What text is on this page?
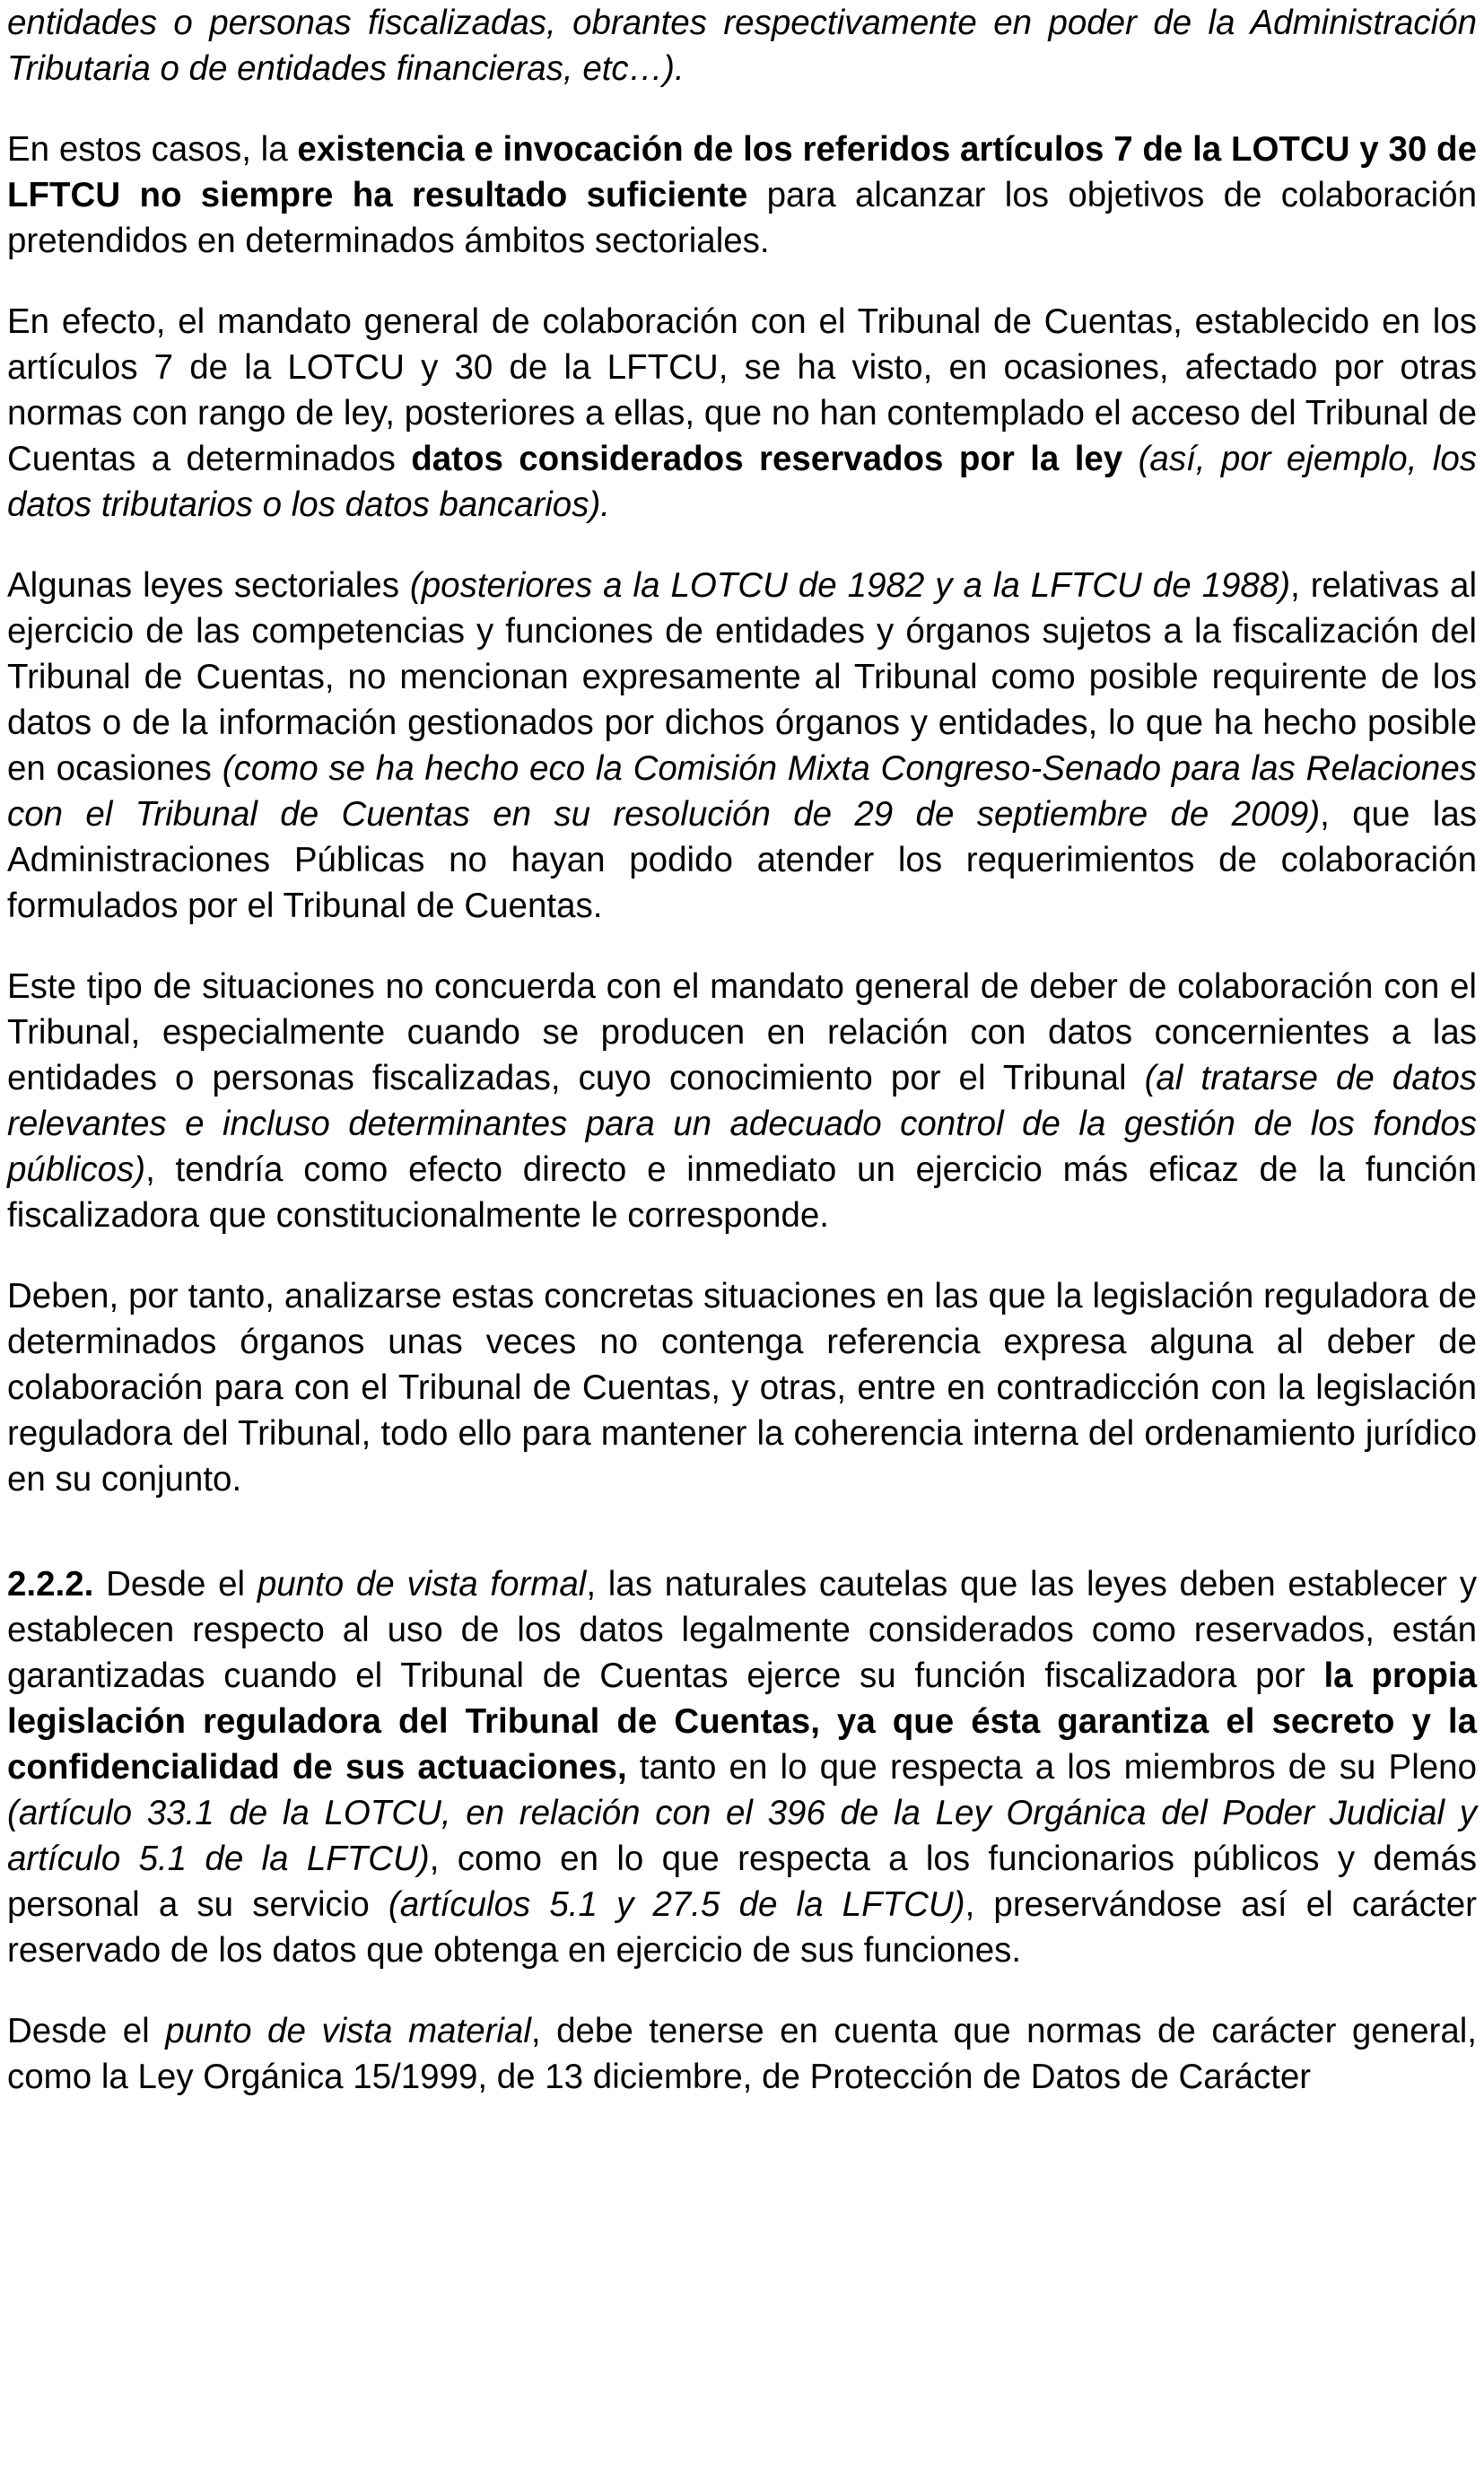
entidades o personas fiscalizadas, obrantes respectivamente en poder de la Administración Tributaria o de entidades financieras, etc…).

En estos casos, la existencia e invocación de los referidos artículos 7 de la LOTCU y 30 de LFTCU no siempre ha resultado suficiente para alcanzar los objetivos de colaboración pretendidos en determinados ámbitos sectoriales.

En efecto, el mandato general de colaboración con el Tribunal de Cuentas, establecido en los artículos 7 de la LOTCU y 30 de la LFTCU, se ha visto, en ocasiones, afectado por otras normas con rango de ley, posteriores a ellas, que no han contemplado el acceso del Tribunal de Cuentas a determinados datos considerados reservados por la ley (así, por ejemplo, los datos tributarios o los datos bancarios).

Algunas leyes sectoriales (posteriores a la LOTCU de 1982 y a la LFTCU de 1988), relativas al ejercicio de las competencias y funciones de entidades y órganos sujetos a la fiscalización del Tribunal de Cuentas, no mencionan expresamente al Tribunal como posible requirente de los datos o de la información gestionados por dichos órganos y entidades, lo que ha hecho posible en ocasiones (como se ha hecho eco la Comisión Mixta Congreso-Senado para las Relaciones con el Tribunal de Cuentas en su resolución de 29 de septiembre de 2009), que las Administraciones Públicas no hayan podido atender los requerimientos de colaboración formulados por el Tribunal de Cuentas.

Este tipo de situaciones no concuerda con el mandato general de deber de colaboración con el Tribunal, especialmente cuando se producen en relación con datos concernientes a las entidades o personas fiscalizadas, cuyo conocimiento por el Tribunal (al tratarse de datos relevantes e incluso determinantes para un adecuado control de la gestión de los fondos públicos), tendría como efecto directo e inmediato un ejercicio más eficaz de la función fiscalizadora que constitucionalmente le corresponde.

Deben, por tanto, analizarse estas concretas situaciones en las que la legislación reguladora de determinados órganos unas veces no contenga referencia expresa alguna al deber de colaboración para con el Tribunal de Cuentas, y otras, entre en contradicción con la legislación reguladora del Tribunal, todo ello para mantener la coherencia interna del ordenamiento jurídico en su conjunto.

2.2.2. Desde el punto de vista formal, las naturales cautelas que las leyes deben establecer y establecen respecto al uso de los datos legalmente considerados como reservados, están garantizadas cuando el Tribunal de Cuentas ejerce su función fiscalizadora por la propia legislación reguladora del Tribunal de Cuentas, ya que ésta garantiza el secreto y la confidencialidad de sus actuaciones, tanto en lo que respecta a los miembros de su Pleno (artículo 33.1 de la LOTCU, en relación con el 396 de la Ley Orgánica del Poder Judicial y artículo 5.1 de la LFTCU), como en lo que respecta a los funcionarios públicos y demás personal a su servicio (artículos 5.1 y 27.5 de la LFTCU), preservándose así el carácter reservado de los datos que obtenga en ejercicio de sus funciones.

Desde el punto de vista material, debe tenerse en cuenta que normas de carácter general, como la Ley Orgánica 15/1999, de 13 diciembre, de Protección de Datos de Carácter
